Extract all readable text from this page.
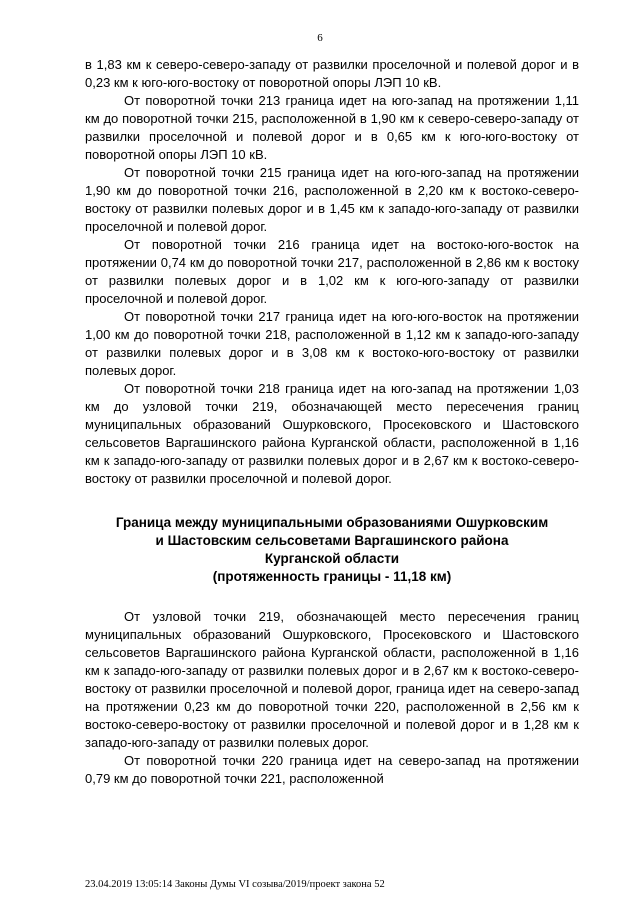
6

в 1,83 км к северо-северо-западу от развилки проселочной и полевой дорог и в 0,23 км к юго-юго-востоку от поворотной опоры ЛЭП 10 кВ.

От поворотной точки 213 граница идет на юго-запад на протяжении 1,11 км до поворотной точки 215, расположенной в 1,90 км к северо-северо-западу от развилки проселочной и полевой дорог и в 0,65 км к юго-юго-востоку от поворотной опоры ЛЭП 10 кВ.

От поворотной точки 215 граница идет на юго-юго-запад на протяжении 1,90 км до поворотной точки 216, расположенной в 2,20 км к востоко-северо-востоку от развилки полевых дорог и в 1,45 км к западо-юго-западу от развилки проселочной и полевой дорог.

От поворотной точки 216 граница идет на востоко-юго-восток на протяжении 0,74 км до поворотной точки 217, расположенной в 2,86 км к востоку от развилки полевых дорог и в 1,02 км к юго-юго-западу от развилки проселочной и полевой дорог.

От поворотной точки 217 граница идет на юго-юго-восток на протяжении 1,00 км до поворотной точки 218, расположенной в 1,12 км к западо-юго-западу от развилки полевых дорог и в 3,08 км к востоко-юго-востоку от развилки полевых дорог.

От поворотной точки 218 граница идет на юго-запад на протяжении 1,03 км до узловой точки 219, обозначающей место пересечения границ муниципальных образований Ошурковского, Просековского и Шастовского сельсоветов Варгашинского района Курганской области, расположенной в 1,16 км к западо-юго-западу от развилки полевых дорог и в 2,67 км к востоко-северо-востоку от развилки проселочной и полевой дорог.

Граница между муниципальными образованиями Ошурковским
и Шастовским сельсоветами Варгашинского района
Курганской области
(протяженность границы - 11,18 км)

От узловой точки 219, обозначающей место пересечения границ муниципальных образований Ошурковского, Просековского и Шастовского сельсоветов Варгашинского района Курганской области, расположенной в 1,16 км к западо-юго-западу от развилки полевых дорог и в 2,67 км к востоко-северо-востоку от развилки проселочной и полевой дорог, граница идет на северо-запад на протяжении 0,23 км до поворотной точки 220, расположенной в 2,56 км к востоко-северо-востоку от развилки проселочной и полевой дорог и в 1,28 км к западо-юго-западу от развилки полевых дорог.

От поворотной точки 220 граница идет на северо-запад на протяжении 0,79 км до поворотной точки 221, расположенной

23.04.2019 13:05:14 Законы Думы VI созыва/2019/проект закона 52
